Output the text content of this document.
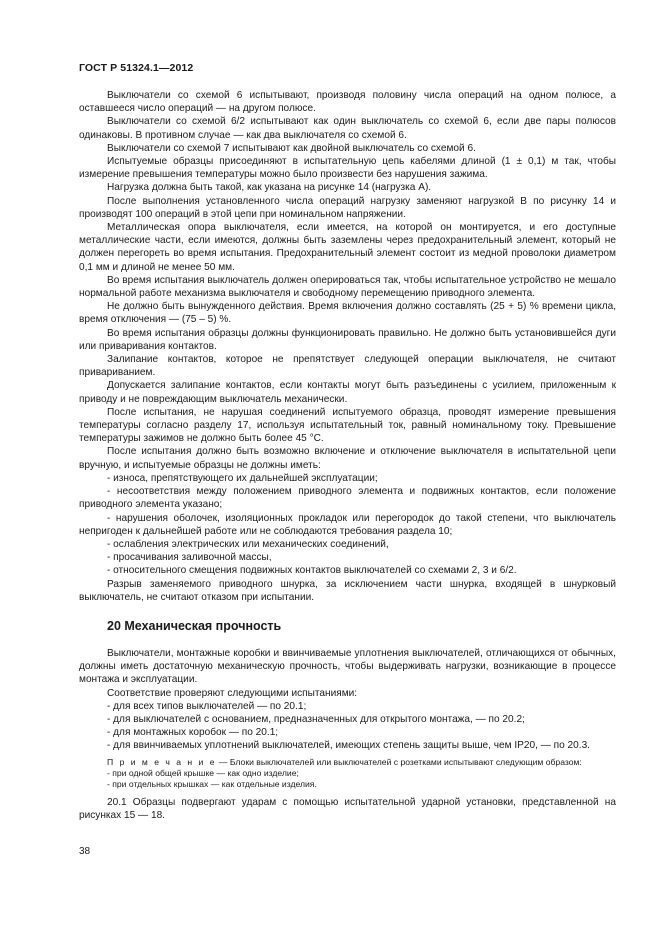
ГОСТ Р 51324.1—2012

Выключатели со схемой 6 испытывают, производя половину числа операций на одном полюсе, а оставшееся число операций — на другом полюсе.

Выключатели со схемой 6/2 испытывают как один выключатель со схемой 6, если две пары полюсов одинаковы. В противном случае — как два выключателя со схемой 6.

Выключатели со схемой 7 испытывают как двойной выключатель со схемой 6.

Испытуемые образцы присоединяют в испытательную цепь кабелями длиной (1 ± 0,1) м так, чтобы измерение превышения температуры можно было произвести без нарушения зажима.

Нагрузка должна быть такой, как указана на рисунке 14 (нагрузка А).

После выполнения установленного числа операций нагрузку заменяют нагрузкой В по рисунку 14 и производят 100 операций в этой цепи при номинальном напряжении.

Металлическая опора выключателя, если имеется, на которой он монтируется, и его доступные металлические части, если имеются, должны быть заземлены через предохранительный элемент, который не должен перегореть во время испытания. Предохранительный элемент состоит из медной проволоки диаметром 0,1 мм и длиной не менее 50 мм.

Во время испытания выключатель должен оперироваться так, чтобы испытательное устройство не мешало нормальной работе механизма выключателя и свободному перемещению приводного элемента.

Не должно быть вынужденного действия. Время включения должно составлять (25 + 5) % времени цикла, время отключения — (75 – 5) %.

Во время испытания образцы должны функционировать правильно. Не должно быть установившейся дуги или приваривания контактов.

Залипание контактов, которое не препятствует следующей операции выключателя, не считают привариванием.

Допускается залипание контактов, если контакты могут быть разъединены с усилием, приложенным к приводу и не повреждающим выключатель механически.

После испытания, не нарушая соединений испытуемого образца, проводят измерение превышения температуры согласно разделу 17, используя испытательный ток, равный номинальному току. Превышение температуры зажимов не должно быть более 45 °С.

После испытания должно быть возможно включение и отключение выключателя в испытательной цепи вручную, и испытуемые образцы не должны иметь:

- износа, препятствующего их дальнейшей эксплуатации;

- несоответствия между положением приводного элемента и подвижных контактов, если положение приводного элемента указано;

- нарушения оболочек, изоляционных прокладок или перегородок до такой степени, что выключатель непригоден к дальнейшей работе или не соблюдаются требования раздела 10;

- ослабления электрических или механических соединений,

- просачивания заливочной массы,

- относительного смещения подвижных контактов выключателей со схемами 2, 3 и 6/2.

Разрыв заменяемого приводного шнурка, за исключением части шнурка, входящей в шнурковый выключатель, не считают отказом при испытании.

20 Механическая прочность

Выключатели, монтажные коробки и ввинчиваемые уплотнения выключателей, отличающихся от обычных, должны иметь достаточную механическую прочность, чтобы выдерживать нагрузки, возникающие в процессе монтажа и эксплуатации.

Соответствие проверяют следующими испытаниями:

- для всех типов выключателей — по 20.1;

- для выключателей с основанием, предназначенных для открытого монтажа, — по 20.2;

- для монтажных коробок — по 20.1;

- для ввинчиваемых уплотнений выключателей, имеющих степень защиты выше, чем IP20, — по 20.3.

П р и м е ч а н и е — Блоки выключателей или выключателей с розетками испытывают следующим образом:

- при одной общей крышке — как одно изделие;

- при отдельных крышках — как отдельные изделия.

20.1 Образцы подвергают ударам с помощью испытательной ударной установки, представленной на рисунках 15 — 18.

38
